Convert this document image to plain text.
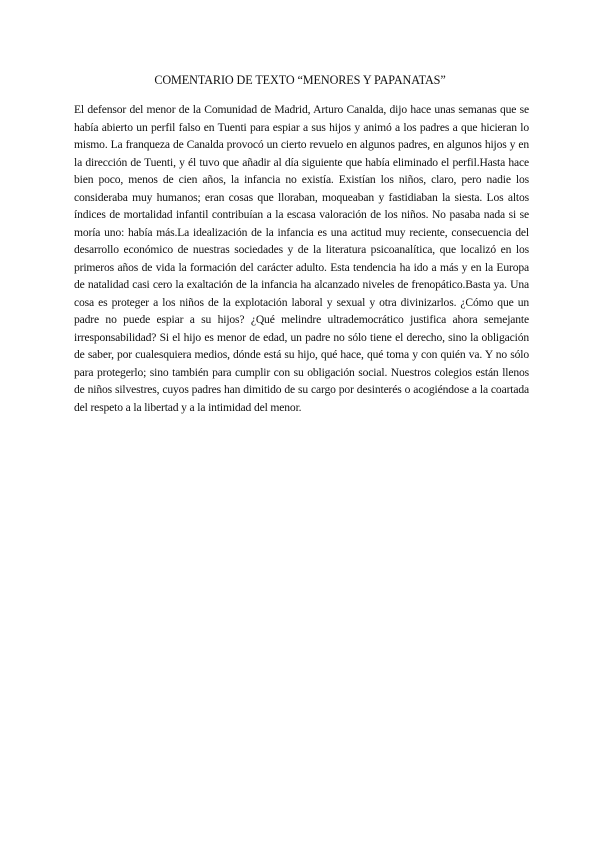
COMENTARIO DE TEXTO “MENORES Y PAPANATAS”

El defensor del menor de la Comunidad de Madrid, Arturo Canalda, dijo hace unas semanas que se había abierto un perfil falso en Tuenti para espiar a sus hijos y animó a los padres a que hicieran lo mismo. La franqueza de Canalda provocó un cierto revuelo en algunos padres, en algunos hijos y en la dirección de Tuenti, y él tuvo que añadir al día siguiente que había eliminado el perfil.Hasta hace bien poco, menos de cien años, la infancia no existía. Existían los niños, claro, pero nadie los consideraba muy humanos; eran cosas que lloraban, moqueaban y fastidiaban la siesta. Los altos índices de mortalidad infantil contribuían a la escasa valoración de los niños. No pasaba nada si se moría uno: había más.La idealización de la infancia es una actitud muy reciente, consecuencia del desarrollo económico de nuestras sociedades y de la literatura psicoanalítica, que localizó en los primeros años de vida la formación del carácter adulto. Esta tendencia ha ido a más y en la Europa de natalidad casi cero la exaltación de la infancia ha alcanzado niveles de frenopático.Basta ya. Una cosa es proteger a los niños de la explotación laboral y sexual y otra divinizarlos. ¿Cómo que un padre no puede espiar a su hijos? ¿Qué melindre ultrademocrático justifica ahora semejante irresponsabilidad? Si el hijo es menor de edad, un padre no sólo tiene el derecho, sino la obligación de saber, por cualesquiera medios, dónde está su hijo, qué hace, qué toma y con quién va. Y no sólo para protegerlo; sino también para cumplir con su obligación social. Nuestros colegios están llenos de niños silvestres, cuyos padres han dimitido de su cargo por desinterés o acogiéndose a la coartada del respeto a la libertad y a la intimidad del menor.
